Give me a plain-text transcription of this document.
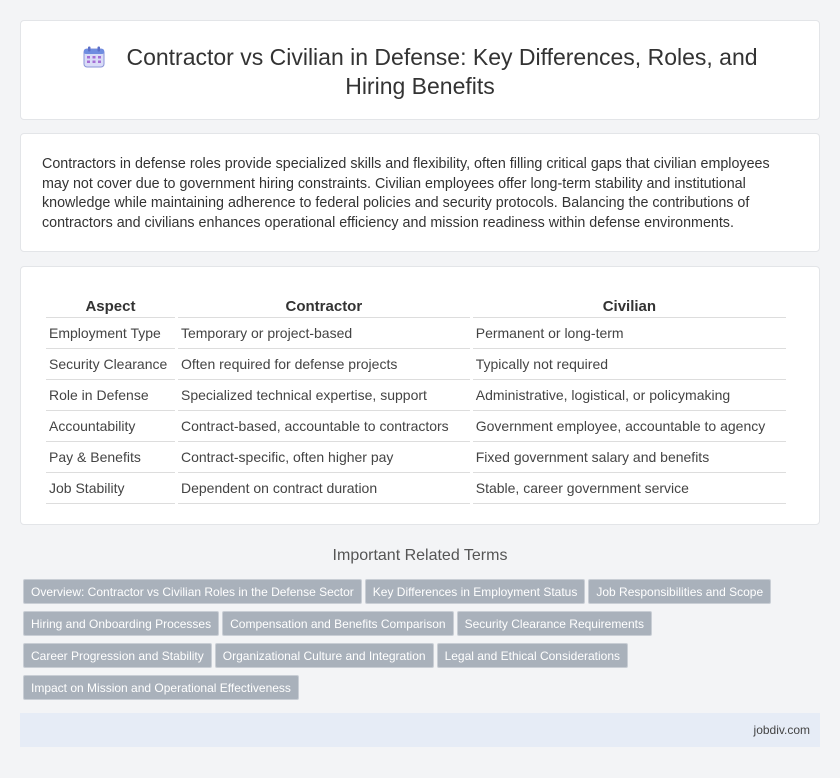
Contractor vs Civilian in Defense: Key Differences, Roles, and Hiring Benefits

Contractors in defense roles provide specialized skills and flexibility, often filling critical gaps that civilian employees may not cover due to government hiring constraints. Civilian employees offer long-term stability and institutional knowledge while maintaining adherence to federal policies and security protocols. Balancing the contributions of contractors and civilians enhances operational efficiency and mission readiness within defense environments.

Aspect	Contractor	Civilian
Employment Type	Temporary or project-based	Permanent or long-term
Security Clearance	Often required for defense projects	Typically not required
Role in Defense	Specialized technical expertise, support	Administrative, logistical, or policymaking
Accountability	Contract-based, accountable to contractors	Government employee, accountable to agency
Pay & Benefits	Contract-specific, often higher pay	Fixed government salary and benefits
Job Stability	Dependent on contract duration	Stable, career government service
Important Related Terms
Overview: Contractor vs Civilian Roles in the Defense Sector Key Differences in Employment Status Job Responsibilities and Scope
Hiring and Onboarding Processes Compensation and Benefits Comparison Security Clearance Requirements
Career Progression and Stability Organizational Culture and Integration Legal and Ethical Considerations
Impact on Mission and Operational Effectiveness
jobdiv.com
